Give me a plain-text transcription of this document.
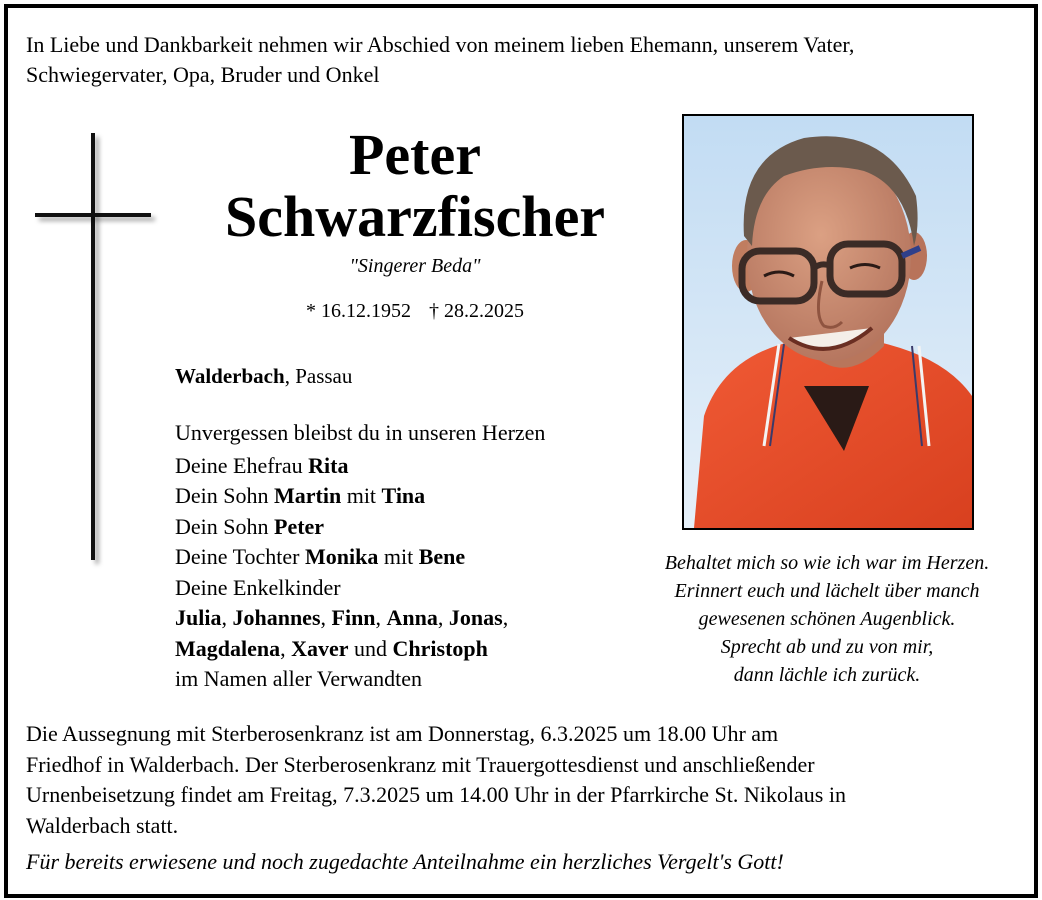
In Liebe und Dankbarkeit nehmen wir Abschied von meinem lieben Ehemann, unserem Vater,
Schwiegervater, Opa, Bruder und Onkel
Peter
Schwarzfischer
"Singerer Beda"
* 16.12.1952 † 28.2.2025
Walderbach, Passau
Unvergessen bleibst du in unseren Herzen
Deine Ehefrau Rita
Dein Sohn Martin mit Tina
Dein Sohn Peter
Deine Tochter Monika mit Bene
Deine Enkelkinder
Julia, Johannes, Finn, Anna, Jonas,
Magdalena, Xaver und Christoph
im Namen aller Verwandten
Behaltet mich so wie ich war im Herzen.
Erinnert euch und lächelt über manch
gewesenen schönen Augenblick.
Sprecht ab und zu von mir,
dann lächle ich zurück.
Die Aussegnung mit Sterberosenkranz ist am Donnerstag, 6.3.2025 um 18.00 Uhr am
Friedhof in Walderbach. Der Sterberosenkranz mit Trauergottesdienst und anschließender
Urnenbeisetzung findet am Freitag, 7.3.2025 um 14.00 Uhr in der Pfarrkirche St. Nikolaus in
Walderbach statt.
Für bereits erwiesene und noch zugedachte Anteilnahme ein herzliches Vergelt's Gott!
